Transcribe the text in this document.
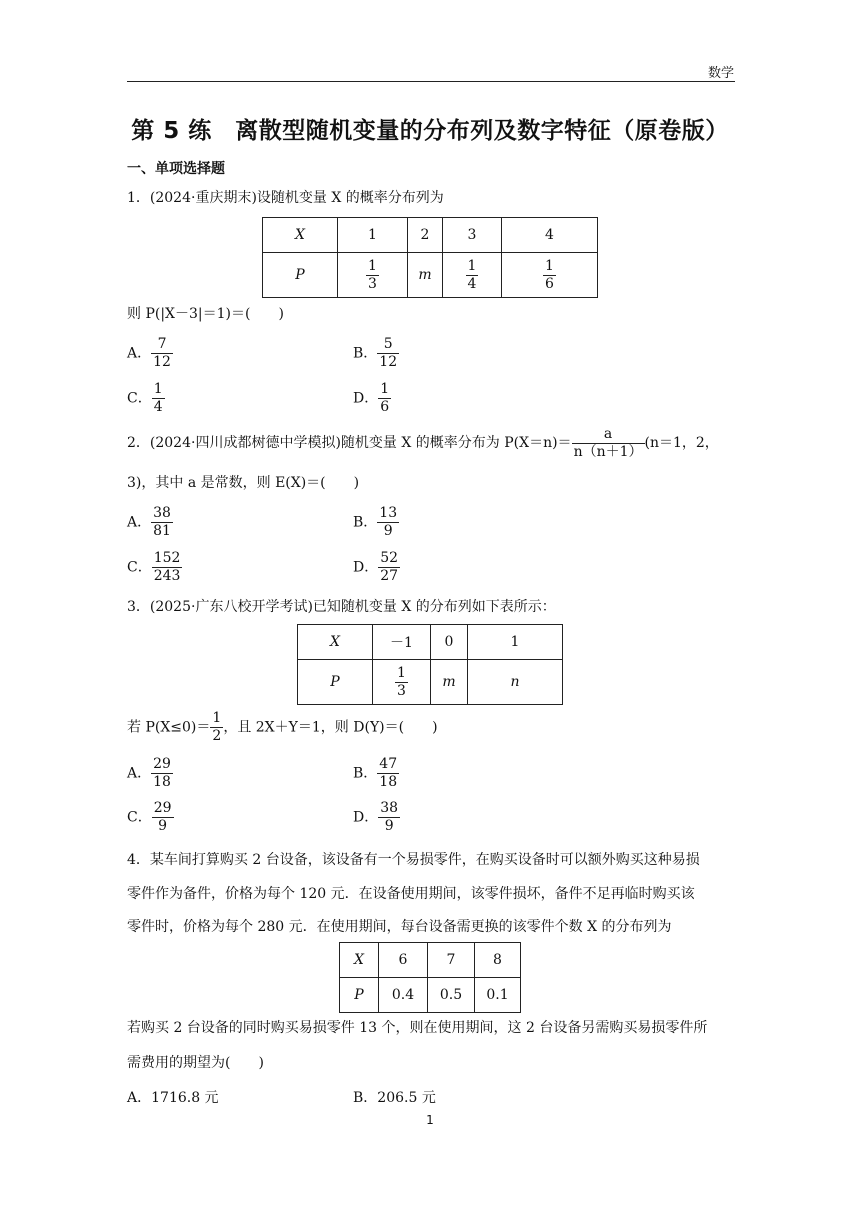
数学
第 5 练　离散型随机变量的分布列及数字特征（原卷版）
一、单项选择题
1．(2024·重庆期末)设随机变量 X 的概率分布列为
X	1	2	3	4
P	$\frac{1}{3}$	m	$\frac{1}{4}$	$\frac{1}{6}$
则 P(|X－3|＝1)＝(　　)
A． $\frac{7}{12}$	B． $\frac{5}{12}$
C． $\frac{1}{4}$	D． $\frac{1}{6}$
2．(2024·四川成都树德中学模拟)随机变量 X 的概率分布为 $P(X=n)= \frac{a}{n(n+1)} (n=1$，2，
3)，其中 a 是常数，则 E(X)＝(　　)
A． $\frac{38}{81}$	B． $\frac{13}{9}$
C． $\frac{152}{243}$	D． $\frac{52}{27}$
3．(2025·广东八校开学考试)已知随机变量 X 的分布列如下表所示：
X	－1	0	1
P	$\frac{1}{3}$	m	n
若 $P(X\le 0)= \frac{1}{2}$ ，且 2X＋Y＝1，则 D(Y)＝(　　)
A． $\frac{29}{18}$	B． $\frac{47}{18}$
C． $\frac{29}{9}$	D． $\frac{38}{9}$
4．某车间打算购买 2 台设备，该设备有一个易损零件，在购买设备时可以额外购买这种易损
零件作为备件，价格为每个 120 元．在设备使用期间，该零件损坏，备件不足再临时购买该
零件时，价格为每个 280 元．在使用期间，每台设备需更换的该零件个数 X 的分布列为
X	6	7	8
P	0.4	0.5	0.1
若购买 2 台设备的同时购买易损零件 13 个，则在使用期间，这 2 台设备另需购买易损零件所
需费用的期望为(　　)
A．1716.8 元	B．206.5 元
1
